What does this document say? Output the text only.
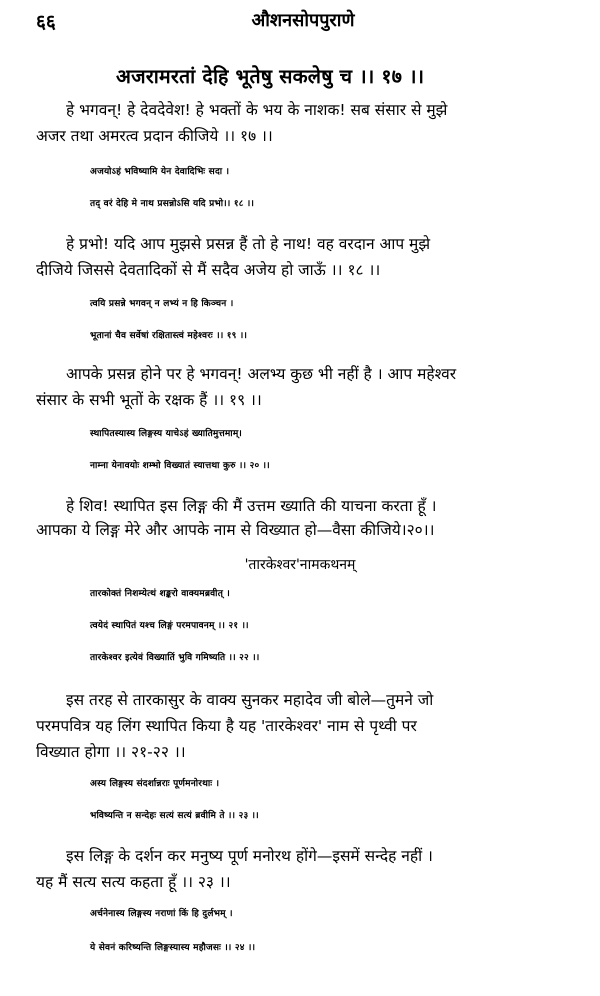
६६	औशनसोपपुराणे
अजरामरतां देहि भूतेषु सकलेषु च ।। १७ ।।
हे भगवन्! हे देवदेवेश! हे भक्तों के भय के नाशक! सब संसार से मुझे
अजर तथा अमरत्व प्रदान कीजिये ।। १७ ।।
अजयोऽहं भविष्यामि येन देवादिभिः सदा ।
तद् वरं देहि मे नाथ प्रसन्नोऽसि यदि प्रभो।। १८ ।।
हे प्रभो! यदि आप मुझसे प्रसन्न हैं तो हे नाथ! वह वरदान आप मुझे
दीजिये जिससे देवतादिकों से मैं सदैव अजेय हो जाऊँ ।। १८ ।।
त्वयि प्रसन्ने भगवन् न लभ्यं न हि किञ्चन ।
भूतानां चैव सर्वेषां रक्षितास्त्वं महेश्वरः ।। १९ ।।
आपके प्रसन्न होने पर हे भगवन्! अलभ्य कुछ भी नहीं है । आप महेश्वर
संसार के सभी भूतों के रक्षक हैं ।। १९ ।।
स्थापितस्यास्य लिङ्गस्य याचेऽहं ख्यातिमुत्तमाम्।
नाम्ना येनावयोः शम्भो विख्यातं स्यात्तथा कुरु ।। २० ।।
हे शिव! स्थापित इस लिङ्ग की मैं उत्तम ख्याति की याचना करता हूँ ।
आपका ये लिङ्ग मेरे और आपके नाम से विख्यात हो—वैसा कीजिये।२०।।
'तारकेश्वर'नामकथनम्
तारकोक्तं निशम्येत्थं शङ्करो वाक्यमब्रवीत् ।
त्वयेदं स्थापितं यश्च लिङ्गं परमपावनम् ।। २१ ।।
तारकेश्वर इत्येवं विख्यातिं भुवि गमिष्यति ।। २२ ।।
इस तरह से तारकासुर के वाक्य सुनकर महादेव जी बोले—तुमने जो
परमपवित्र यह लिंग स्थापित किया है यह 'तारकेश्वर' नाम से पृथ्वी पर
विख्यात होगा ।। २१-२२ ।।
अस्य लिङ्गस्य संदर्शान्नराः पूर्णमनोरथाः ।
भविष्यन्ति न सन्देहः सत्यं सत्यं ब्रवीमि ते ।। २३ ।।
इस लिङ्ग के दर्शन कर मनुष्य पूर्ण मनोरथ होंगे—इसमें सन्देह नहीं ।
यह मैं सत्य सत्य कहता हूँ ।। २३ ।।
अर्चनेनास्य लिङ्गस्य नराणां किं हि दुर्लभम् ।
ये सेवनं करिष्यन्ति लिङ्गस्यास्य महौजसः ।। २४ ।।
